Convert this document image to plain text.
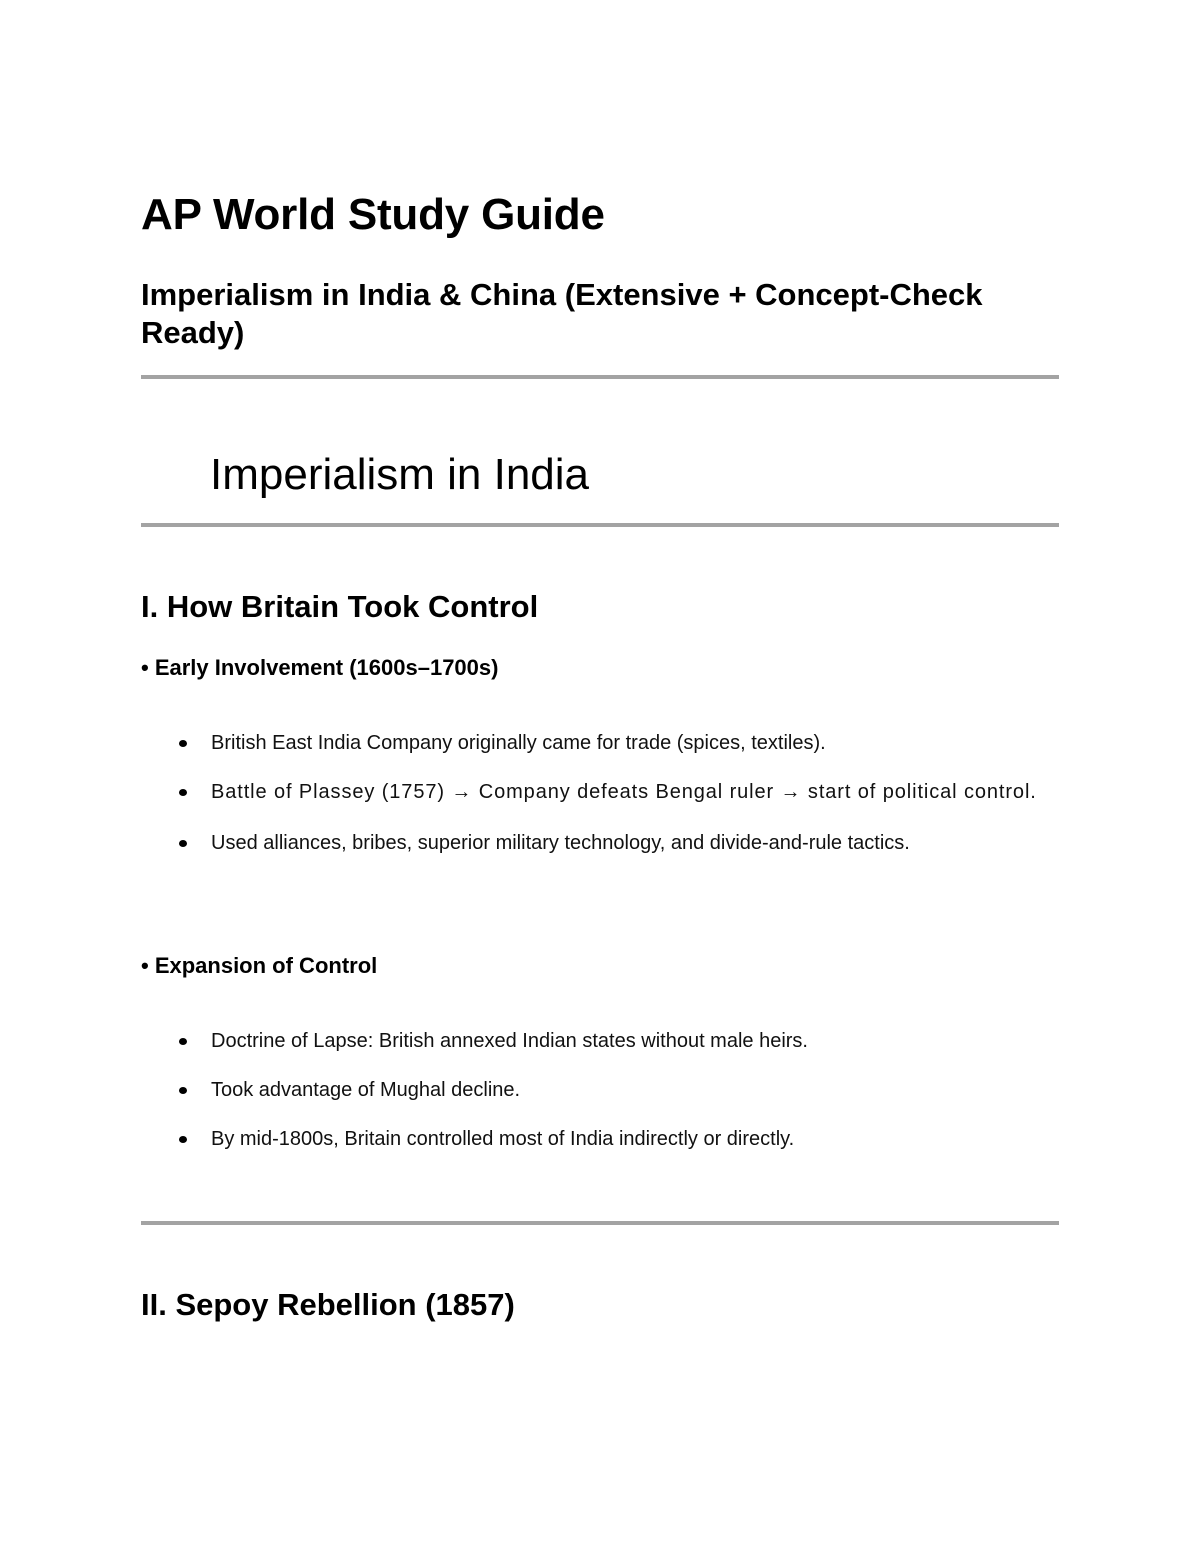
AP World Study Guide
Imperialism in India & China (Extensive + Concept-Check Ready)
Imperialism in India
I. How Britain Took Control
• Early Involvement (1600s–1700s)
British East India Company originally came for trade (spices, textiles).
Battle of Plassey (1757) → Company defeats Bengal ruler → start of political control.
Used alliances, bribes, superior military technology, and divide-and-rule tactics.
• Expansion of Control
Doctrine of Lapse: British annexed Indian states without male heirs.
Took advantage of Mughal decline.
By mid-1800s, Britain controlled most of India indirectly or directly.
II. Sepoy Rebellion (1857)
